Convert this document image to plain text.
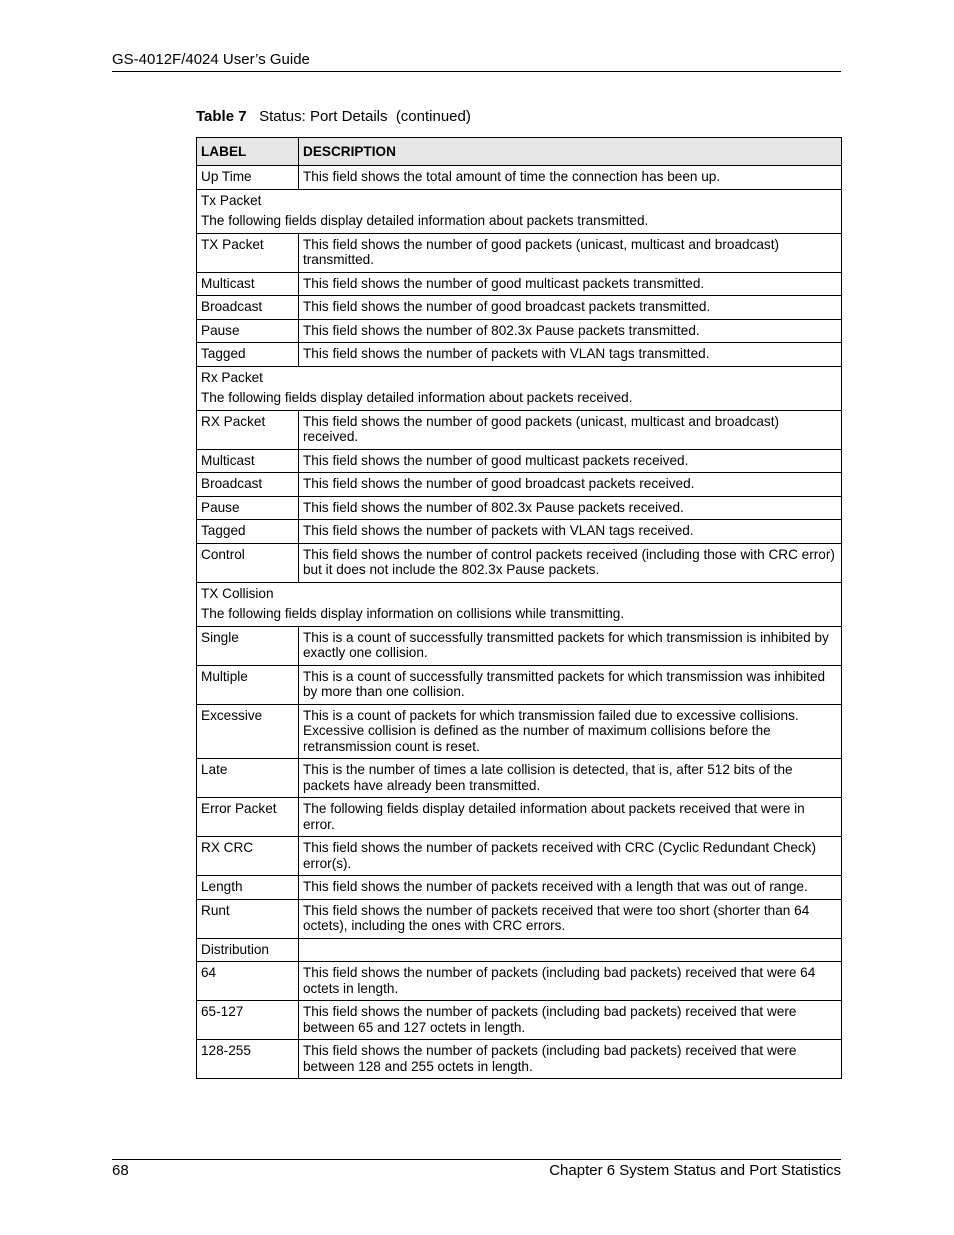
GS-4012F/4024 User’s Guide
Table 7 Status: Port Details  (continued)
LABEL	DESCRIPTION
Up Time	This field shows the total amount of time the connection has been up.
Tx Packet
The following fields display detailed information about packets transmitted.	

TX Packet	This field shows the number of good packets (unicast, multicast and broadcast) transmitted.
Multicast	This field shows the number of good multicast packets transmitted.
Broadcast	This field shows the number of good broadcast packets transmitted.
Pause	This field shows the number of 802.3x Pause packets transmitted.
Tagged	This field shows the number of packets with VLAN tags transmitted.
Rx Packet
The following fields display detailed information about packets received.	

RX Packet	This field shows the number of good packets (unicast, multicast and broadcast) received.
Multicast	This field shows the number of good multicast packets received.
Broadcast	This field shows the number of good broadcast packets received.
Pause	This field shows the number of 802.3x Pause packets received.
Tagged	This field shows the number of packets with VLAN tags received.
Control	This field shows the number of control packets received (including those with CRC error) but it does not include the 802.3x Pause packets.
TX Collision
The following fields display information on collisions while transmitting.	

Single	This is a count of successfully transmitted packets for which transmission is inhibited by exactly one collision.
Multiple	This is a count of successfully transmitted packets for which transmission was inhibited by more than one collision.
Excessive	This is a count of packets for which transmission failed due to excessive collisions. Excessive collision is defined as the number of maximum collisions before the retransmission count is reset.
Late	This is the number of times a late collision is detected, that is, after 512 bits of the packets have already been transmitted.
Error Packet	The following fields display detailed information about packets received that were in error.
RX CRC	This field shows the number of packets received with CRC (Cyclic Redundant Check) error(s).
Length	This field shows the number of packets received with a length that was out of range.
Runt	This field shows the number of packets received that were too short (shorter than 64 octets), including the ones with CRC errors.
Distribution	
64	This field shows the number of packets (including bad packets) received that were 64 octets in length.
65-127	This field shows the number of packets (including bad packets) received that were between 65 and 127 octets in length.
128-255	This field shows the number of packets (including bad packets) received that were between 128 and 255 octets in length.
68	Chapter 6 System Status and Port Statistics
